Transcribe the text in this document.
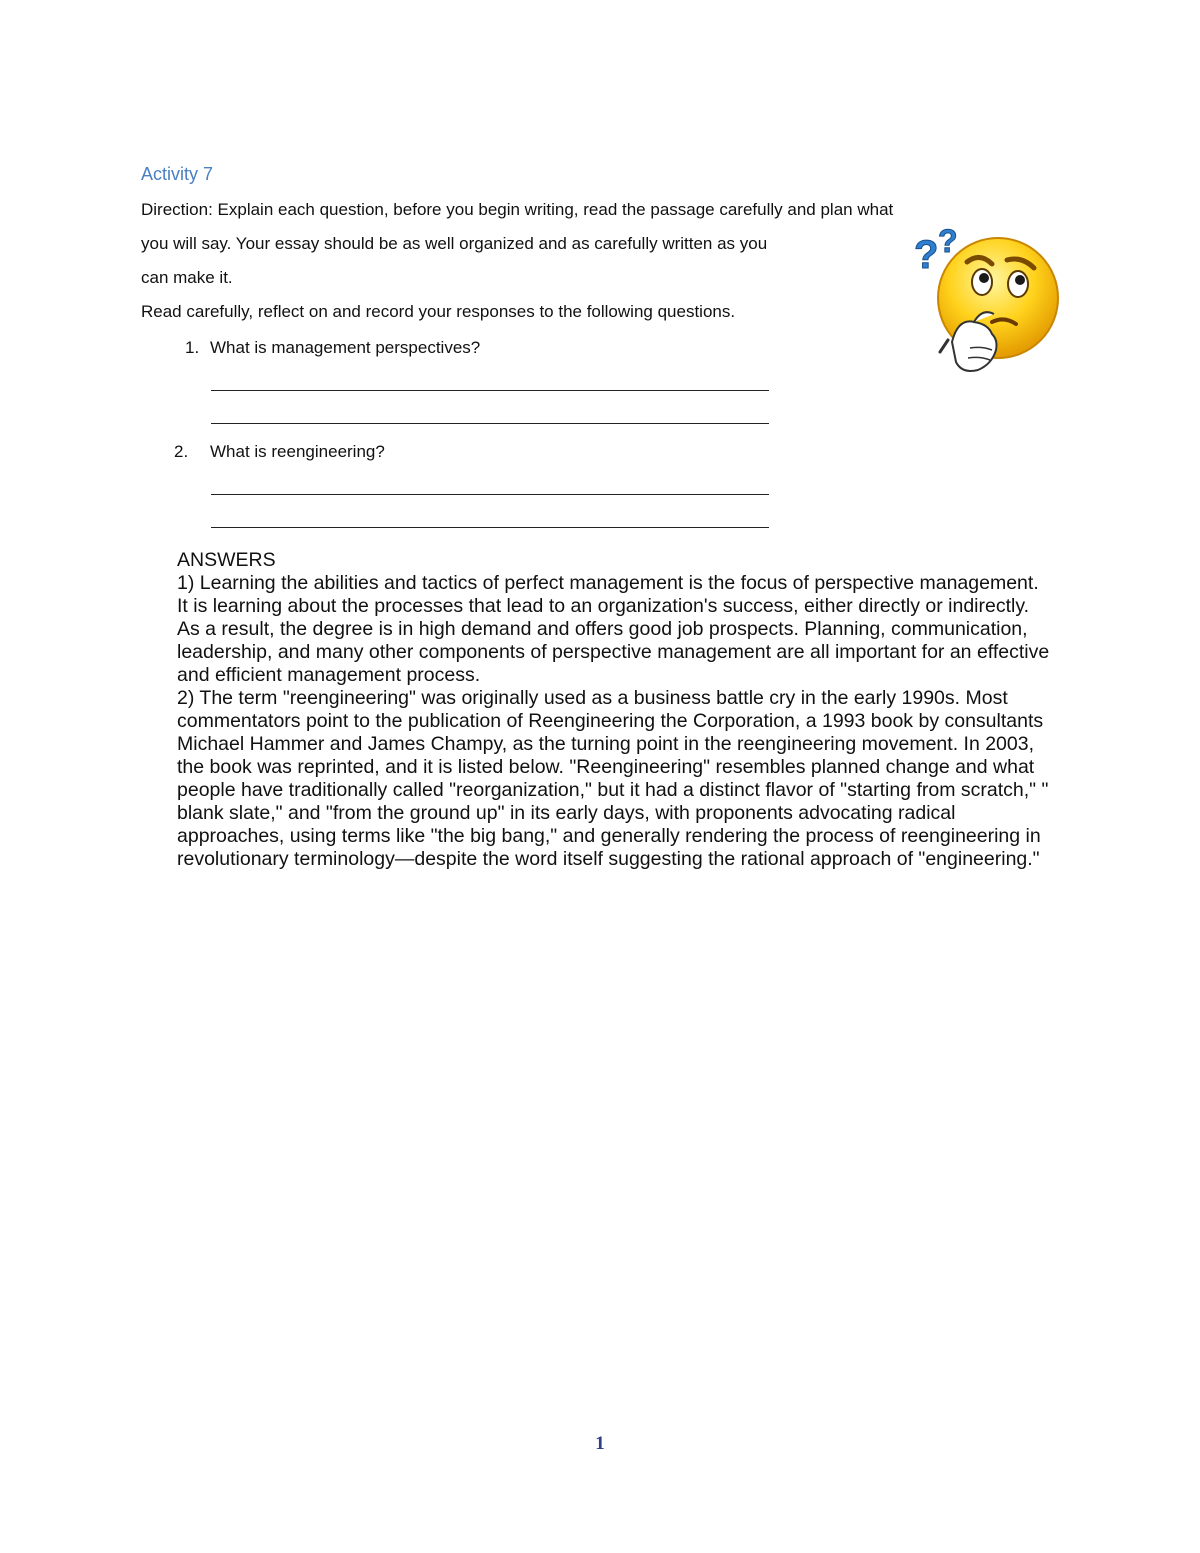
Activity 7
Direction: Explain each question, before you begin writing, read the passage carefully and plan what
you will say. Your essay should be as well organized and as carefully written as you
can make it.
Read carefully, reflect on and record your responses to the following questions.
1. What is management perspectives?
2. What is reengineering?
ANSWERS
1) Learning the abilities and tactics of perfect management is the focus of perspective management.
It is learning about the processes that lead to an organization's success, either directly or indirectly.
As a result, the degree is in high demand and offers good job prospects. Planning, communication,
leadership, and many other components of perspective management are all important for an effective
and efficient management process.
2) The term "reengineering" was originally used as a business battle cry in the early 1990s. Most
commentators point to the publication of Reengineering the Corporation, a 1993 book by consultants
Michael Hammer and James Champy, as the turning point in the reengineering movement. In 2003,
the book was reprinted, and it is listed below. "Reengineering" resembles planned change and what
people have traditionally called "reorganization," but it had a distinct flavor of "starting from scratch," "
blank slate," and "from the ground up" in its early days, with proponents advocating radical
approaches, using terms like "the big bang," and generally rendering the process of reengineering in
revolutionary terminology—despite the word itself suggesting the rational approach of "engineering."
? ?
1
